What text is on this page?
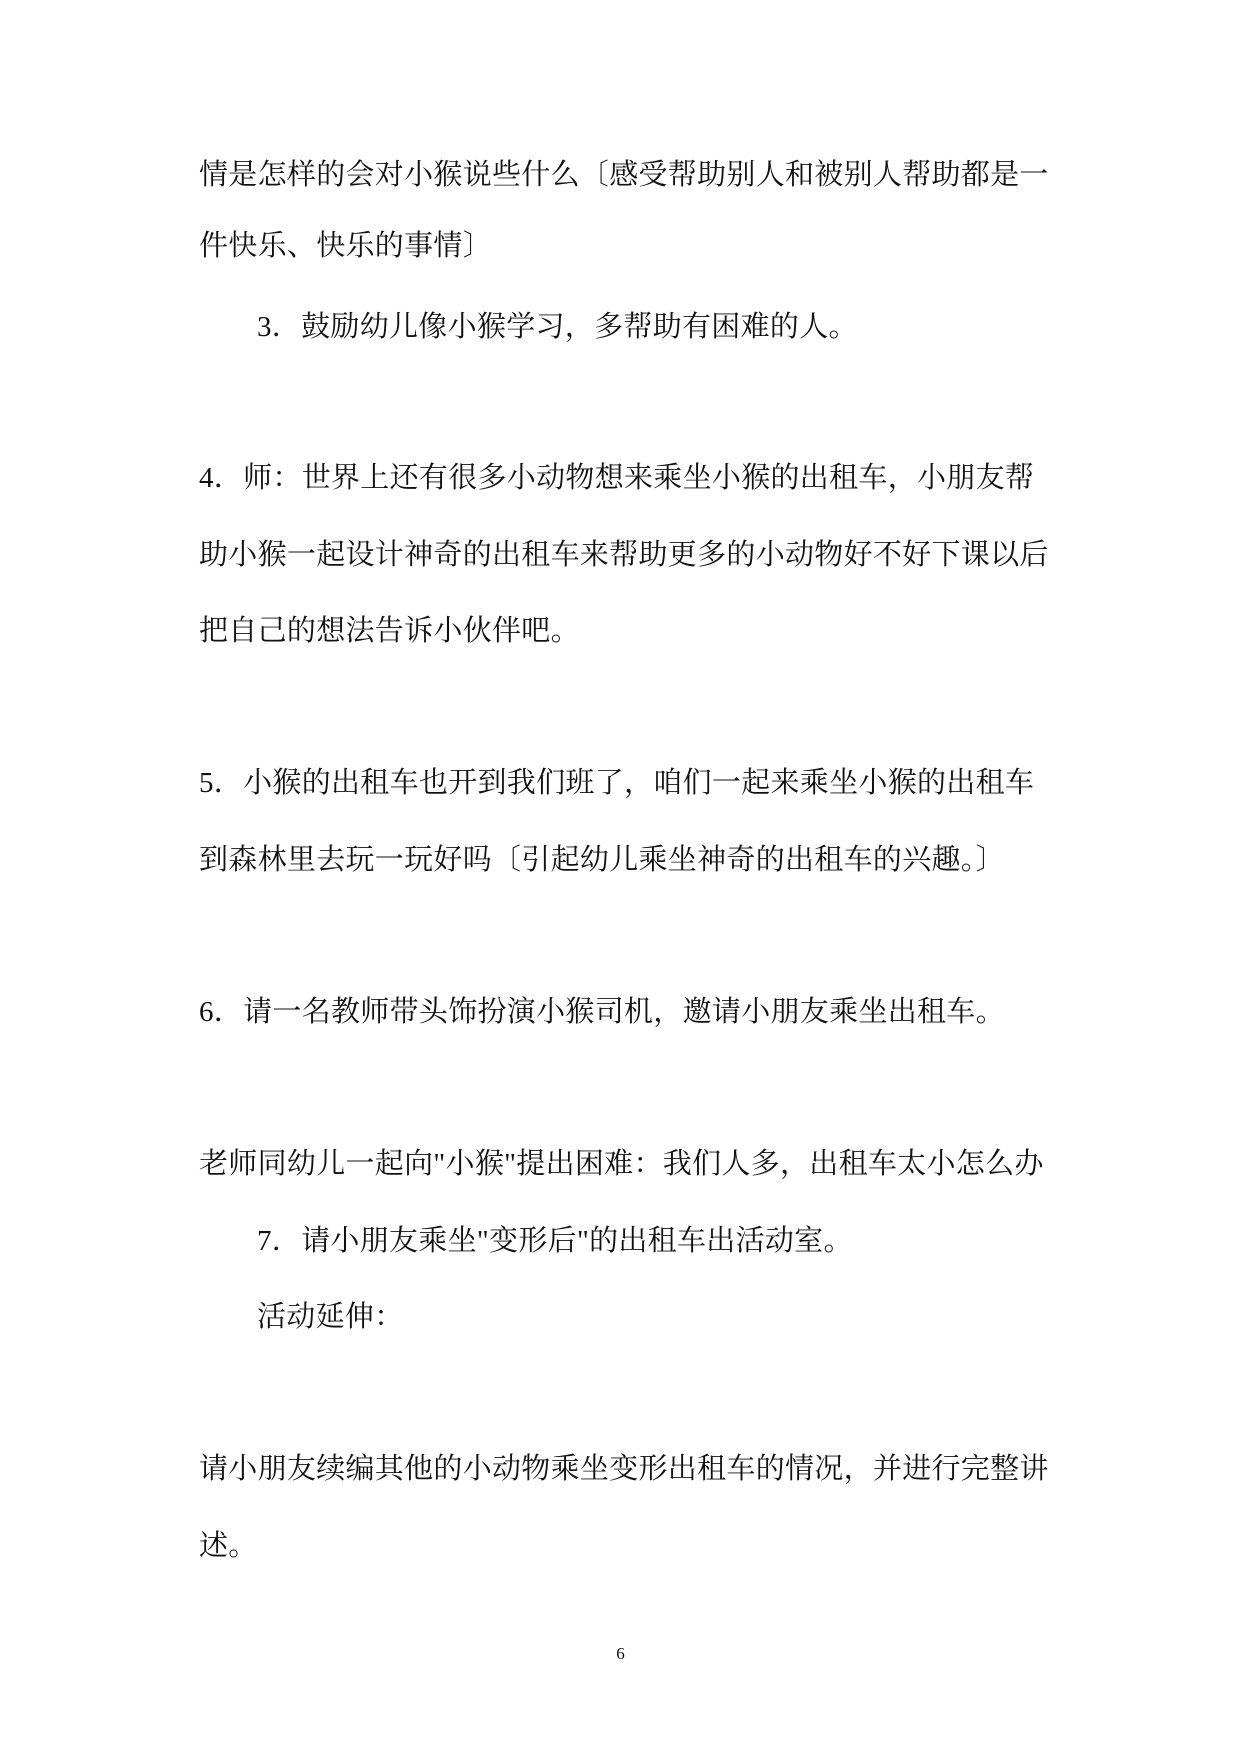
情是怎样的会对小猴说些什么〔感受帮助别人和被别人帮助都是一
件快乐、快乐的事情〕
3．鼓励幼儿像小猴学习，多帮助有困难的人。
4．师：世界上还有很多小动物想来乘坐小猴的出租车，小朋友帮
助小猴一起设计神奇的出租车来帮助更多的小动物好不好下课以后
把自己的想法告诉小伙伴吧。
5．小猴的出租车也开到我们班了，咱们一起来乘坐小猴的出租车
到森林里去玩一玩好吗〔引起幼儿乘坐神奇的出租车的兴趣。〕
6．请一名教师带头饰扮演小猴司机，邀请小朋友乘坐出租车。
老师同幼儿一起向"小猴"提出困难：我们人多，出租车太小怎么办
7．请小朋友乘坐"变形后"的出租车出活动室。
活动延伸：
请小朋友续编其他的小动物乘坐变形出租车的情况，并进行完整讲
述。
6
